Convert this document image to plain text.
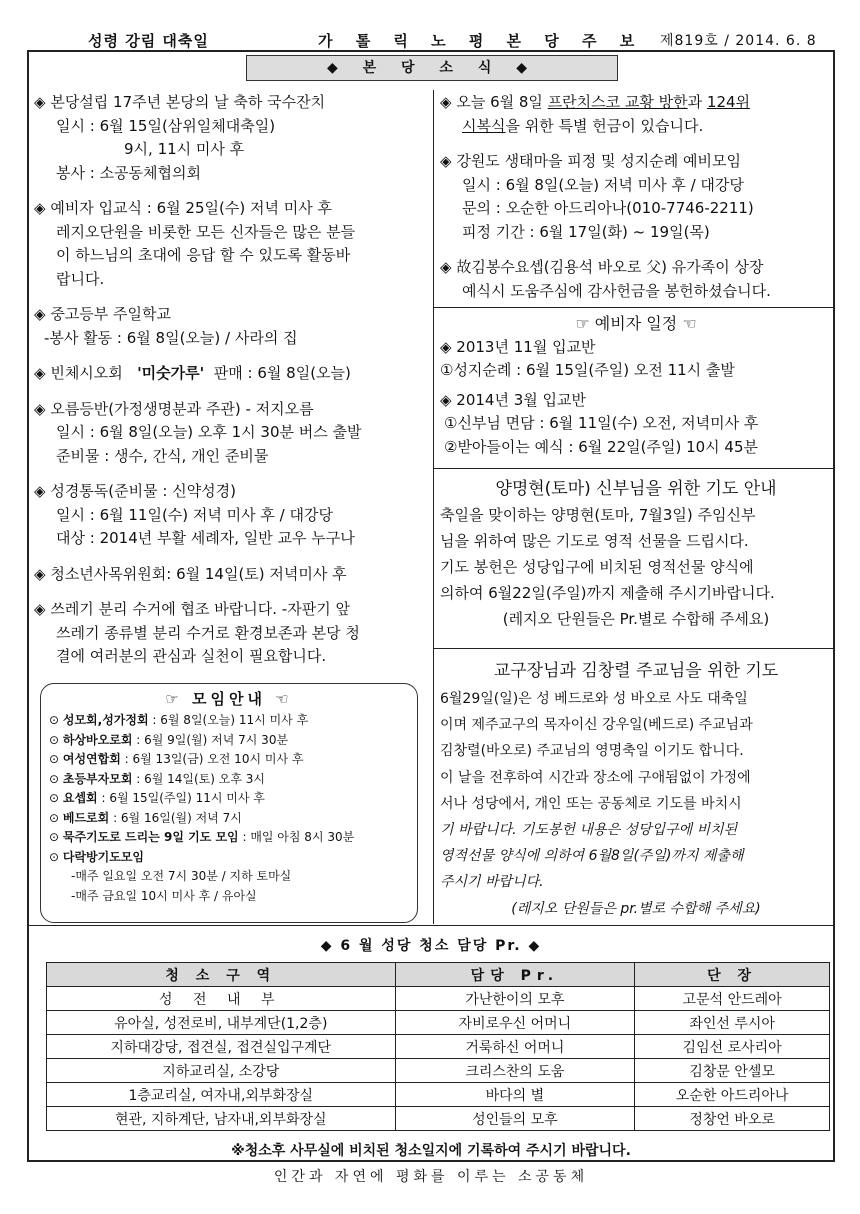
성령 강림 대축일	가 톨 릭 노 평 본 당 주 보 제819호 / 2014. 6. 8
◆ 본 당 소 식 ◆
◈ 본당설립 17주년 본당의 날 축하 국수잔치
일시 : 6월 15일(삼위일체대축일)
9시, 11시 미사 후
봉사 : 소공동체협의회
◈ 예비자 입교식 : 6월 25일(수) 저녁 미사 후
레지오단원을 비롯한 모든 신자들은 많은 분들
이 하느님의 초대에 응답 할 수 있도록 활동바
랍니다.
◈ 중고등부 주일학교
-봉사 활동 : 6월 8일(오늘) / 사라의 집
◈ 빈체시오회 '미숫가루' 판매 : 6월 8일(오늘)
◈ 오름등반(가정생명분과 주관) - 저지오름
일시 : 6월 8일(오늘) 오후 1시 30분 버스 출발
준비물 : 생수, 간식, 개인 준비물
◈ 성경통독(준비물 : 신약성경)
일시 : 6월 11일(수) 저녁 미사 후 / 대강당
대상 : 2014년 부활 세례자, 일반 교우 누구나
◈ 청소년사목위원회: 6월 14일(토) 저녁미사 후
◈ 쓰레기 분리 수거에 협조 바랍니다. -자판기 앞
쓰레기 종류별 분리 수거로 환경보존과 본당 청
결에 여러분의 관심과 실천이 필요합니다.
☞ 모임안내 ☜
⊙ 성모회,성가정회 : 6월 8일(오늘) 11시 미사 후
⊙ 하상바오로회 : 6월 9일(월) 저녁 7시 30분
⊙ 여성연합회 : 6월 13일(금) 오전 10시 미사 후
⊙ 초등부자모회 : 6월 14일(토) 오후 3시
⊙ 요셉회 : 6월 15일(주일) 11시 미사 후
⊙ 베드로회 : 6월 16일(월) 저녁 7시
⊙ 묵주기도로 드리는 9일 기도 모임 : 매일 아침 8시 30분
⊙ 다락방기도모임
-매주 일요일 오전 7시 30분 / 지하 토마실
-매주 금요일 10시 미사 후 / 유아실
◈ 오늘 6월 8일 프란치스코 교황 방한과 124위
시복식을 위한 특별 헌금이 있습니다.
◈ 강원도 생태마을 피정 및 성지순례 예비모임
일시 : 6월 8일(오늘) 저녁 미사 후 / 대강당
문의 : 오순한 아드리아나(010-7746-2211)
피정 기간 : 6월 17일(화) ~ 19일(목)
◈ 故김봉수요셉(김용석 바오로 父) 유가족이 상장
예식시 도움주심에 감사헌금을 봉헌하셨습니다.
☞ 예비자 일정 ☜
◈ 2013년 11월 입교반
①성지순례 : 6월 15일(주일) 오전 11시 출발
◈ 2014년 3월 입교반
①신부님 면담 : 6월 11일(수) 오전, 저녁미사 후
②받아들이는 예식 : 6월 22일(주일) 10시 45분
양명현(토마) 신부님을 위한 기도 안내
축일을 맞이하는 양명현(토마, 7월3일) 주임신부
님을 위하여 많은 기도로 영적 선물을 드립시다.
기도 봉헌은 성당입구에 비치된 영적선물 양식에
의하여 6월22일(주일)까지 제출해 주시기바랍니다.
(레지오 단원들은 Pr.별로 수합해 주세요)
교구장님과 김창렬 주교님을 위한 기도
6월29일(일)은 성 베드로와 성 바오로 사도 대축일
이며 제주교구의 목자이신 강우일(베드로) 주교님과
김창렬(바오로) 주교님의 영명축일 이기도 합니다.
이 날을 전후하여 시간과 장소에 구애됨없이 가정에
서나 성당에서, 개인 또는 공동체로 기도를 바치시
기 바랍니다. 기도봉헌 내용은 성당입구에 비치된
영적선물 양식에 의하여 6월8일(주일)까지 제출해
주시기 바랍니다.
(레지오 단원들은 pr.별로 수합해 주세요)
◆ 6 월 성당 청소 담당 Pr. ◆
청 소 구 역	담당 Pr.	단 장
성 전 내 부	가난한이의 모후	고문석 안드레아
유아실, 성전로비, 내부계단(1,2층)	자비로우신 어머니	좌인선 루시아
지하대강당, 접견실, 접견실입구계단	거룩하신 어머니	김임선 로사리아
지하교리실, 소강당	크리스찬의 도움	김창문 안셀모
1층교리실, 여자내,외부화장실	바다의 별	오순한 아드리아나
현관, 지하계단, 남자내,외부화장실	성인들의 모후	정창언 바오로
※청소후 사무실에 비치된 청소일지에 기록하여 주시기 바랍니다.
인간과 자연에 평화를 이루는 소공동체
